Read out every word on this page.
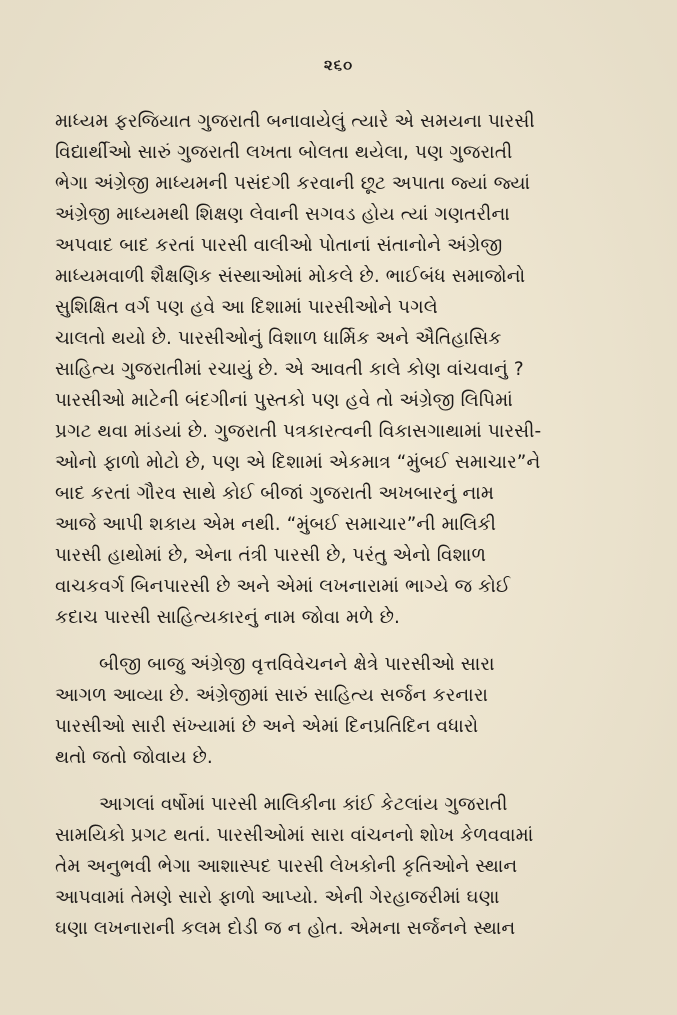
૨૬૦

માધ્યમ ફરજિયાત ગુજરાતી બનાવાયેલું ત્યારે એ સમયના પારસી
વિદ્યાર્થીઓ સારું ગુજરાતી લખતા બોલતા થયેલા, પણ ગુજરાતી
ભેગા અંગ્રેજી માધ્યમની પસંદગી કરવાની છૂટ અપાતા જ્યાં જ્યાં
અંગ્રેજી માધ્યમથી શિક્ષણ લેવાની સગવડ હોય ત્યાં ગણતરીના
અપવાદ બાદ કરતાં પારસી વાલીઓ પોતાનાં સંતાનોને અંગ્રેજી
માધ્યમવાળી શૈક્ષણિક સંસ્થાઓમાં મોકલે છે. ભાઈબંધ સમાજોનો
સુશિક્ષિત વર્ગ પણ હવે આ દિશામાં પારસીઓને પગલે
ચાલતો થયો છે. પારસીઓનું વિશાળ ધાર્મિક અને ઐતિહાસિક
સાહિત્ય ગુજરાતીમાં રચાયું છે. એ આવતી કાલે કોણ વાંચવાનું ?
પારસીઓ માટેની બંદગીનાં પુસ્તકો પણ હવે તો અંગ્રેજી લિપિમાં
પ્રગટ થવા માંડયાં છે. ગુજરાતી પત્રકારત્વની વિકાસગાથામાં પારસી-
ઓનો ફાળો મોટો છે, પણ એ દિશામાં એકમાત્ર “મુંબઈ સમાચાર”ને
બાદ કરતાં ગૌરવ સાથે કોઈ બીજાં ગુજરાતી અખબારનું નામ
આજે આપી શકાય એમ નથી. “મુંબઈ સમાચાર”ની માલિકી
પારસી હાથોમાં છે, એના તંત્રી પારસી છે, પરંતુ એનો વિશાળ
વાચકવર્ગ બિનપારસી છે અને એમાં લખનારામાં ભાગ્યે જ કોઈ
કદાચ પારસી સાહિત્યકારનું નામ જોવા મળે છે.

બીજી બાજુ અંગ્રેજી વૃત્તવિવેચનને ક્ષેત્રે પારસીઓ સારા
આગળ આવ્યા છે. અંગ્રેજીમાં સારું સાહિત્ય સર્જન કરનારા
પારસીઓ સારી સંખ્યામાં છે અને એમાં દિનપ્રતિદિન વધારો
થતો જતો જોવાય છે.

આગલાં વર્ષોમાં પારસી માલિકીના કાંઈ કેટલાંય ગુજરાતી
સામયિકો પ્રગટ થતાં. પારસીઓમાં સારા વાંચનનો શોખ કેળવવામાં
તેમ અનુભવી ભેગા આશાસ્પદ પારસી લેખકોની કૃતિઓને સ્થાન
આપવામાં તેમણે સારો ફાળો આપ્યો. એની ગેરહાજરીમાં ઘણા
ઘણા લખનારાની કલમ દોડી જ ન હોત. એમના સર્જનને સ્થાન
